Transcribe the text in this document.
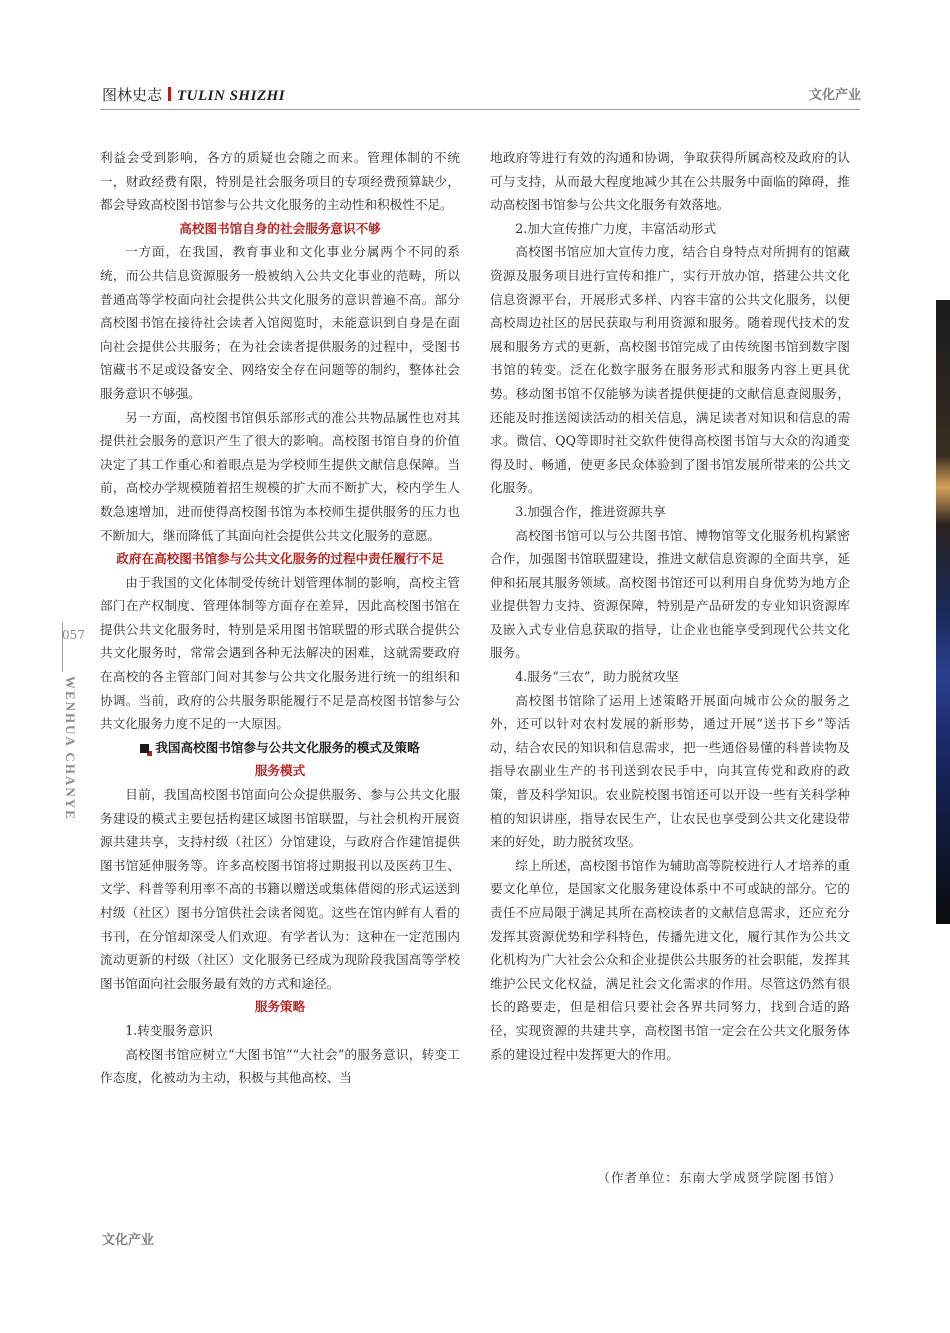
图林史志 TULIN SHIZHI	文化产业
057
WENHUA CHANYE

利益会受到影响，各方的质疑也会随之而来。管理体制的不统一，财政经费有限，特别是社会服务项目的专项经费预算缺少，都会导致高校图书馆参与公共文化服务的主动性和积极性不足。

高校图书馆自身的社会服务意识不够

一方面，在我国，教育事业和文化事业分属两个不同的系统，而公共信息资源服务一般被纳入公共文化事业的范畴，所以普通高等学校面向社会提供公共文化服务的意识普遍不高。部分高校图书馆在接待社会读者入馆阅览时，未能意识到自身是在面向社会提供公共服务；在为社会读者提供服务的过程中，受图书馆藏书不足或设备安全、网络安全存在问题等的制约，整体社会服务意识不够强。

另一方面，高校图书馆俱乐部形式的准公共物品属性也对其提供社会服务的意识产生了很大的影响。高校图书馆自身的价值决定了其工作重心和着眼点是为学校师生提供文献信息保障。当前，高校办学规模随着招生规模的扩大而不断扩大，校内学生人数急速增加，进而使得高校图书馆为本校师生提供服务的压力也不断加大，继而降低了其面向社会提供公共文化服务的意愿。

政府在高校图书馆参与公共文化服务的过程中责任履行不足

由于我国的文化体制受传统计划管理体制的影响，高校主管部门在产权制度、管理体制等方面存在差异，因此高校图书馆在提供公共文化服务时，特别是采用图书馆联盟的形式联合提供公共文化服务时，常常会遇到各种无法解决的困难，这就需要政府在高校的各主管部门间对其参与公共文化服务进行统一的组织和协调。当前，政府的公共服务职能履行不足是高校图书馆参与公共文化服务力度不足的一大原因。

我国高校图书馆参与公共文化服务的模式及策略

服务模式

目前，我国高校图书馆面向公众提供服务、参与公共文化服务建设的模式主要包括构建区域图书馆联盟，与社会机构开展资源共建共享，支持村级（社区）分馆建设，与政府合作建馆提供图书馆延伸服务等。许多高校图书馆将过期报刊以及医药卫生、文学、科普等利用率不高的书籍以赠送或集体借阅的形式运送到村级（社区）图书分馆供社会读者阅览。这些在馆内鲜有人看的书刊，在分馆却深受人们欢迎。有学者认为：这种在一定范围内流动更新的村级（社区）文化服务已经成为现阶段我国高等学校图书馆面向社会服务最有效的方式和途径。

服务策略

1.转变服务意识

高校图书馆应树立“大图书馆”“大社会”的服务意识，转变工作态度，化被动为主动，积极与其他高校、当

地政府等进行有效的沟通和协调，争取获得所属高校及政府的认可与支持，从而最大程度地减少其在公共服务中面临的障碍，推动高校图书馆参与公共文化服务有效落地。

2.加大宣传推广力度，丰富活动形式

高校图书馆应加大宣传力度，结合自身特点对所拥有的馆藏资源及服务项目进行宣传和推广，实行开放办馆，搭建公共文化信息资源平台，开展形式多样、内容丰富的公共文化服务，以便高校周边社区的居民获取与利用资源和服务。随着现代技术的发展和服务方式的更新，高校图书馆完成了由传统图书馆到数字图书馆的转变。泛在化数字服务在服务形式和服务内容上更具优势。移动图书馆不仅能够为读者提供便捷的文献信息查阅服务，还能及时推送阅读活动的相关信息，满足读者对知识和信息的需求。微信、QQ等即时社交软件使得高校图书馆与大众的沟通变得及时、畅通，使更多民众体验到了图书馆发展所带来的公共文化服务。

3.加强合作，推进资源共享

高校图书馆可以与公共图书馆、博物馆等文化服务机构紧密合作，加强图书馆联盟建设，推进文献信息资源的全面共享，延伸和拓展其服务领域。高校图书馆还可以利用自身优势为地方企业提供智力支持、资源保障，特别是产品研发的专业知识资源库及嵌入式专业信息获取的指导，让企业也能享受到现代公共文化服务。

4.服务“三农”，助力脱贫攻坚

高校图书馆除了运用上述策略开展面向城市公众的服务之外，还可以针对农村发展的新形势，通过开展“送书下乡”等活动，结合农民的知识和信息需求，把一些通俗易懂的科普读物及指导农副业生产的书刊送到农民手中，向其宣传党和政府的政策，普及科学知识。农业院校图书馆还可以开设一些有关科学种植的知识讲座，指导农民生产，让农民也享受到公共文化建设带来的好处，助力脱贫攻坚。

综上所述，高校图书馆作为辅助高等院校进行人才培养的重要文化单位，是国家文化服务建设体系中不可或缺的部分。它的责任不应局限于满足其所在高校读者的文献信息需求，还应充分发挥其资源优势和学科特色，传播先进文化，履行其作为公共文化机构为广大社会公众和企业提供公共服务的社会职能，发挥其维护公民文化权益，满足社会文化需求的作用。尽管这仍然有很长的路要走，但是相信只要社会各界共同努力，找到合适的路径，实现资源的共建共享，高校图书馆一定会在公共文化服务体系的建设过程中发挥更大的作用。

（作者单位：东南大学成贤学院图书馆）
文化产业
